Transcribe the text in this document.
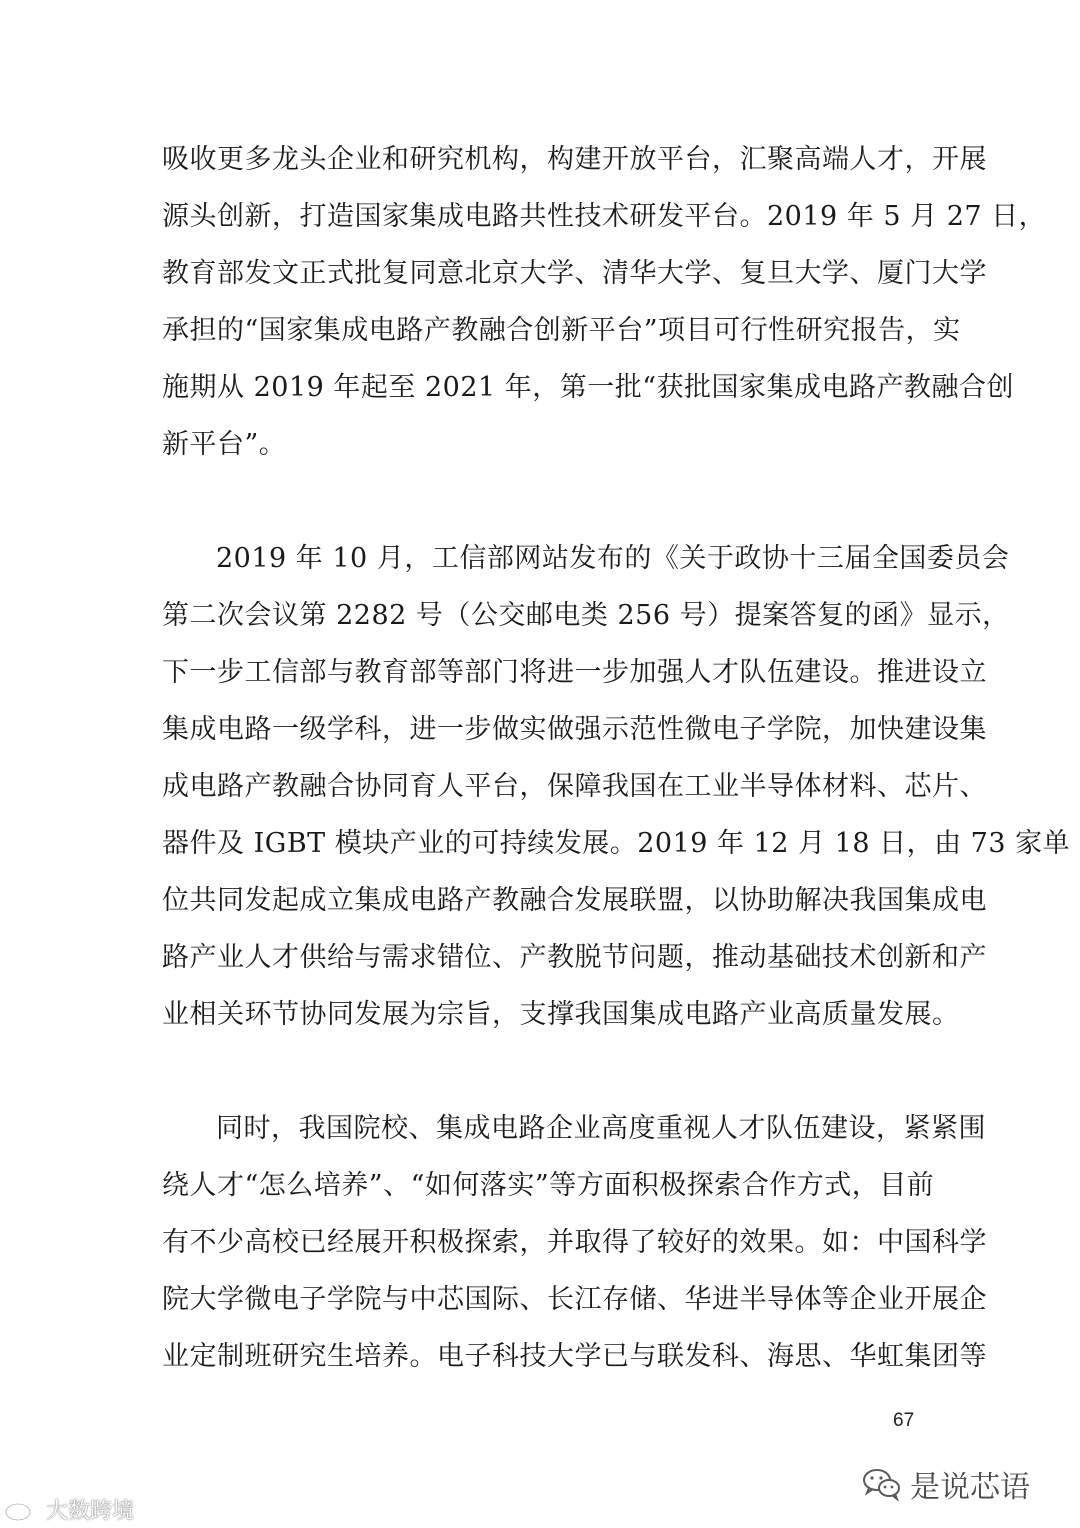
吸收更多龙头企业和研究机构，构建开放平台，汇聚高端人才，开展
源头创新，打造国家集成电路共性技术研发平台。2019 年 5 月 27 日，
教育部发文正式批复同意北京大学、清华大学、复旦大学、厦门大学
承担的“国家集成电路产教融合创新平台”项目可行性研究报告，实
施期从 2019 年起至 2021 年，第一批“获批国家集成电路产教融合创
新平台”。
2019 年 10 月，工信部网站发布的《关于政协十三届全国委员会
第二次会议第 2282 号（公交邮电类 256 号）提案答复的函》显示，
下一步工信部与教育部等部门将进一步加强人才队伍建设。推进设立
集成电路一级学科，进一步做实做强示范性微电子学院，加快建设集
成电路产教融合协同育人平台，保障我国在工业半导体材料、芯片、
器件及 IGBT 模块产业的可持续发展。2019 年 12 月 18 日，由 73 家单
位共同发起成立集成电路产教融合发展联盟，以协助解决我国集成电
路产业人才供给与需求错位、产教脱节问题，推动基础技术创新和产
业相关环节协同发展为宗旨，支撑我国集成电路产业高质量发展。
同时，我国院校、集成电路企业高度重视人才队伍建设，紧紧围
绕人才“怎么培养”、“如何落实”等方面积极探索合作方式，目前
有不少高校已经展开积极探索，并取得了较好的效果。如：中国科学
院大学微电子学院与中芯国际、长江存储、华进半导体等企业开展企
业定制班研究生培养。电子科技大学已与联发科、海思、华虹集团等
67
大数跨境
是说芯语
